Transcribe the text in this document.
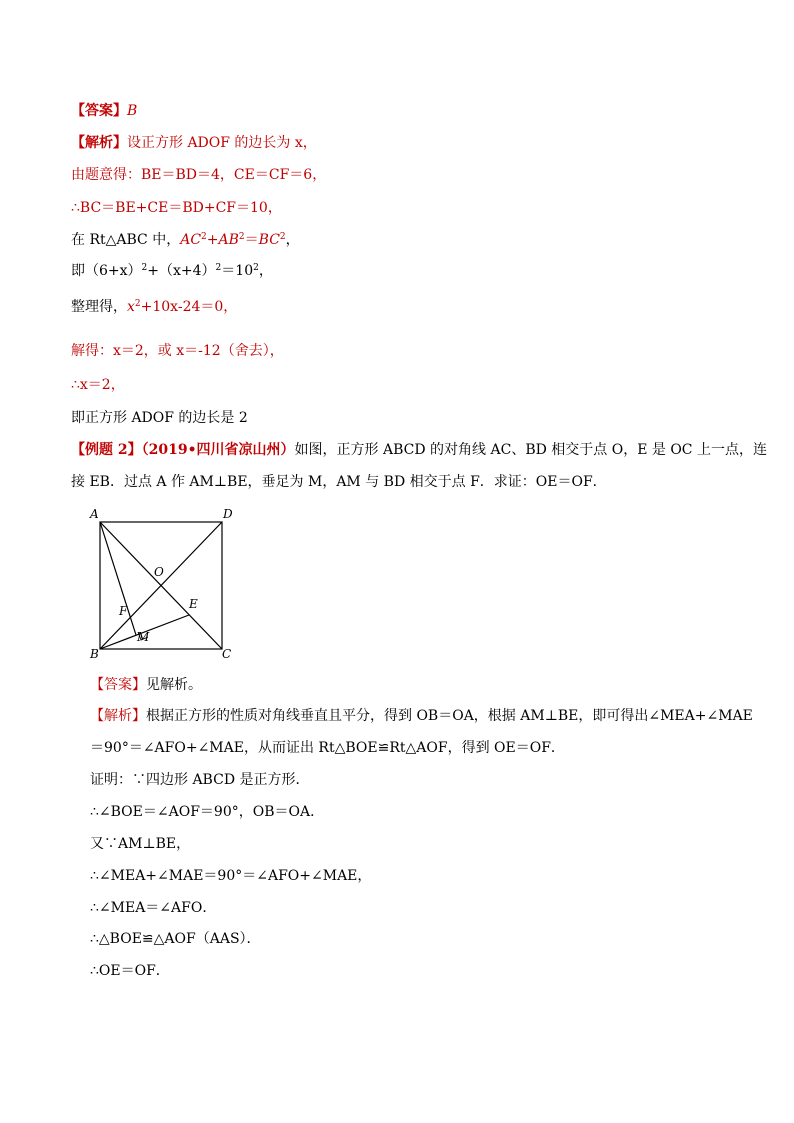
【答案】B
【解析】设正方形 ADOF 的边长为 x，
由题意得：BE＝BD＝4，CE＝CF＝6，
∴BC＝BE+CE＝BD+CF＝10，
在 Rt△ABC 中，$AC^2+AB^2=BC^2$，
即$(6+x)^2+(x+4)^2=10^2$，
整理得，$x^2+10x-24=0$，
解得：x＝2，或 x＝-12（舍去），
∴x＝2，
即正方形 ADOF 的边长是 2
【例题 2】（2019•四川省凉山州）如图，正方形 ABCD 的对角线 AC、BD 相交于点 O，E 是 OC 上一点，连
接 EB．过点 A 作 AM⊥BE，垂足为 M，AM 与 BD 相交于点 F．求证：OE＝OF．
A	D
O
F	E
M
B	C
【答案】见解析。
【解析】根据正方形的性质对角线垂直且平分，得到 OB＝OA，根据 AM⊥BE，即可得出∠MEA+∠MAE
＝90°＝∠AFO+∠MAE，从而证出 Rt△BOE≌Rt△AOF，得到 OE＝OF．
证明：∵四边形 ABCD 是正方形．
∴∠BOE＝∠AOF＝90°，OB＝OA．
又∵AM⊥BE，
∴∠MEA+∠MAE＝90°＝∠AFO+∠MAE，
∴∠MEA＝∠AFO．
∴△BOE≌△AOF（AAS）．
∴OE＝OF．
